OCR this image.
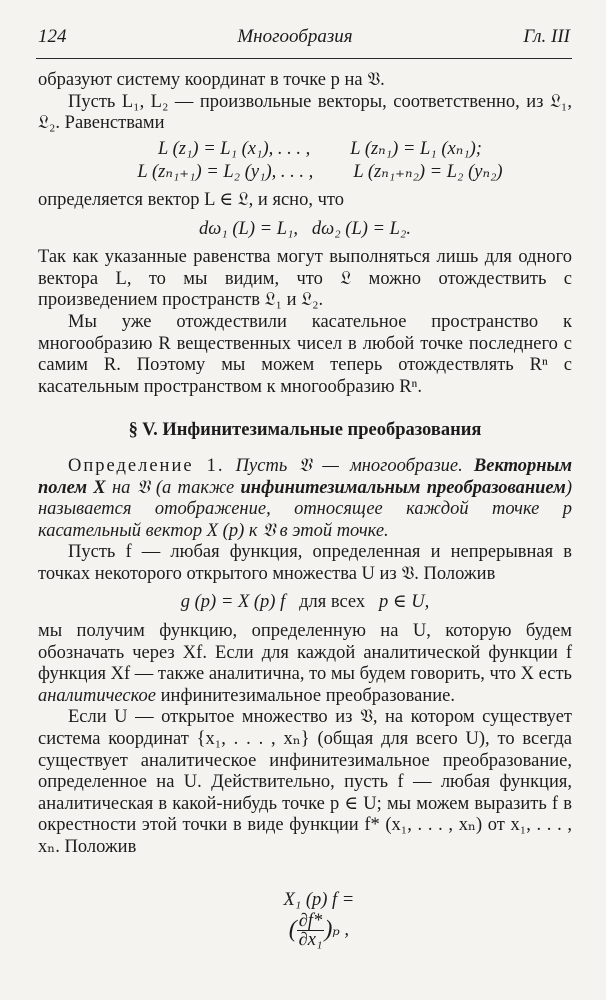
124	Многообразия	Гл. III

образуют систему координат в точке p на 𝔙.

Пусть L₁, L₂ — произвольные векторы, соответственно, из 𝔏₁, 𝔏₂. Равенствами

L (z₁) = L₁ (x₁), . . . , L (zₙ₁) = L₁ (xₙ₁);
L (zₙ₁₊₁) = L₂ (y₁), . . . , L (zₙ₁₊ₙ₂) = L₂ (yₙ₂)

определяется вектор L ∈ 𝔏, и ясно, что

dω₁ (L) = L₁,   dω₂ (L) = L₂.

Так как указанные равенства могут выполняться лишь для одного вектора L, то мы видим, что 𝔏 можно отождествить с произведением пространств 𝔏₁ и 𝔏₂.

Мы уже отождествили касательное пространство к многообразию R вещественных чисел в любой точке последнего с самим R. Поэтому мы можем теперь отождествлять Rⁿ с касательным пространством к многообразию Rⁿ.

§ V. Инфинитезимальные преобразования

Определение 1. Пусть 𝔙 — многообразие. Векторным полем X на 𝔙 (а также инфинитезимальным преобразованием) называется отображение, относящее каждой точке p касательный вектор X (p) к 𝔙 в этой точке.

Пусть f — любая функция, определенная и непрерывная в точках некоторого открытого множества U из 𝔙. Положив

g (p) = X (p) f для всех p ∈ U,

мы получим функцию, определенную на U, которую будем обозначать через Xf. Если для каждой аналитической функции f функция Xf — также аналитична, то мы будем говорить, что X есть аналитическое инфинитезимальное преобразование.

Если U — открытое множество из 𝔙, на котором существует система координат {x₁, . . . , xₙ} (общая для всего U), то всегда существует аналитическое инфинитезимальное преобразование, определенное на U. Действительно, пусть f — любая функция, аналитическая в какой-нибудь точке p ∈ U; мы можем выразить f в окрестности этой точки в виде функции f* (x₁, . . . , xₙ) от x₁, . . . , xₙ. Положив

X₁ (p) f =
( $\frac{\partial f*}{\text{∂x₁}} )_p$ ,
